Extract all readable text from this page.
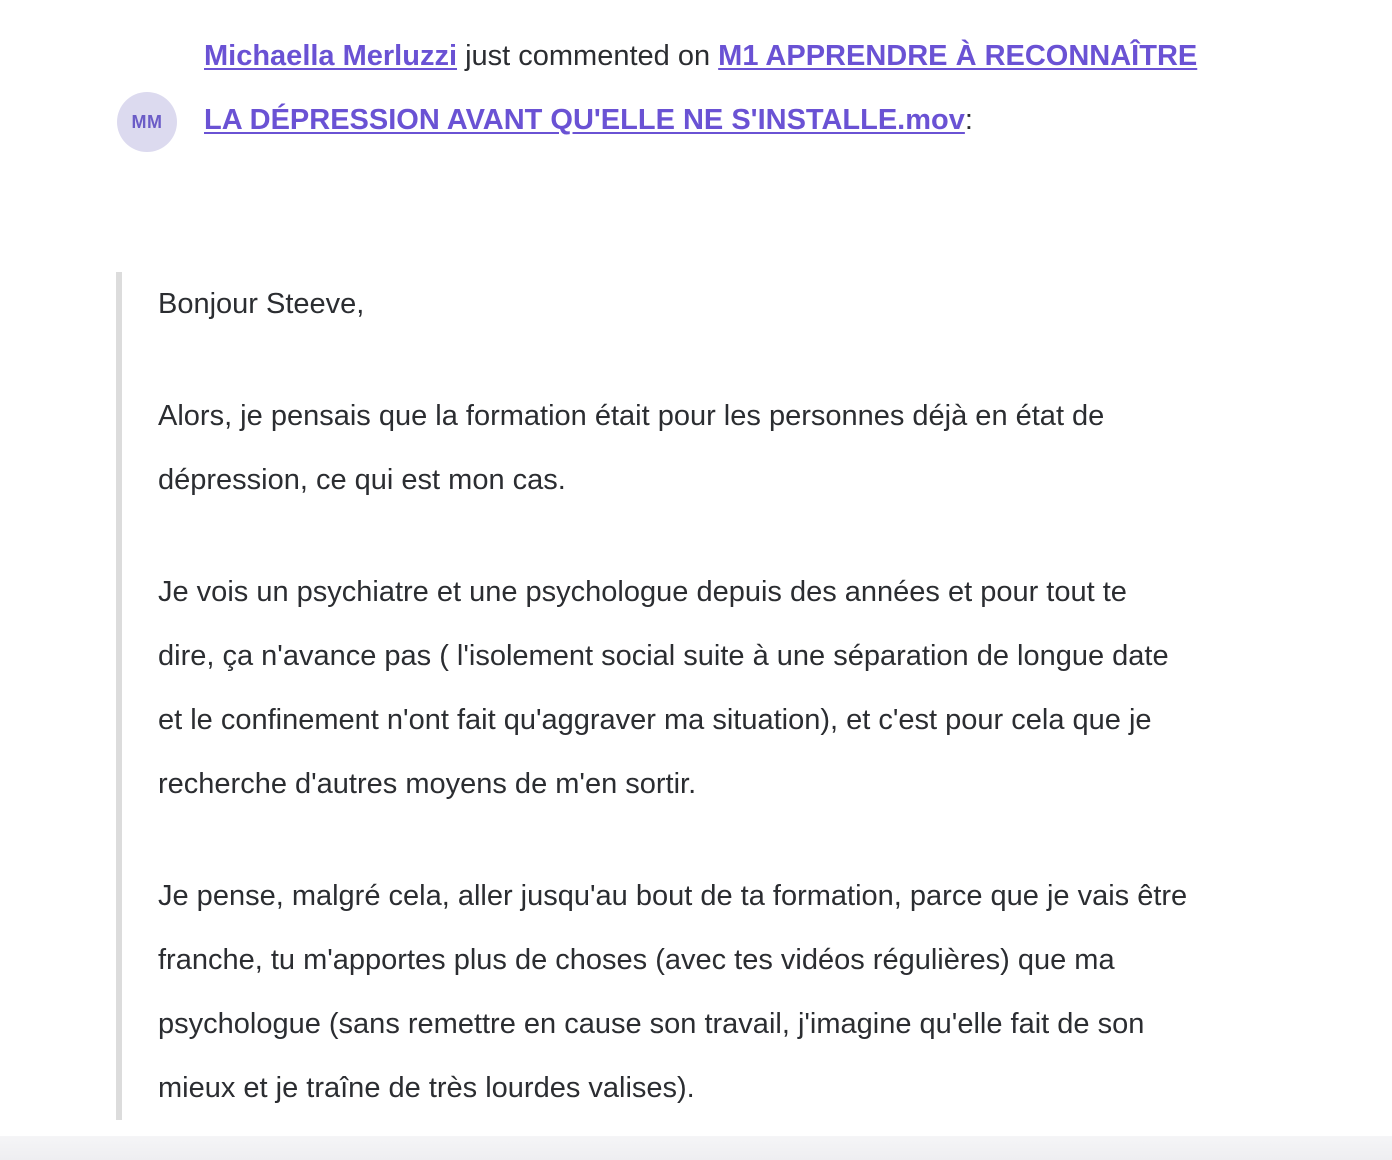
MM
Michaella Merluzzi just commented on M1 APPRENDRE À RECONNAÎTRE LA DÉPRESSION AVANT QU'ELLE NE S'INSTALLE.mov:

Bonjour Steeve,

Alors, je pensais que la formation était pour les personnes déjà en état de dépression, ce qui est mon cas.

Je vois un psychiatre et une psychologue depuis des années et pour tout te dire, ça n'avance pas ( l'isolement social suite à une séparation de longue date et le confinement n'ont fait qu'aggraver ma situation), et c'est pour cela que je recherche d'autres moyens de m'en sortir.

Je pense, malgré cela, aller jusqu'au bout de ta formation, parce que je vais être franche, tu m'apportes plus de choses (avec tes vidéos régulières) que ma psychologue (sans remettre en cause son travail, j'imagine qu'elle fait de son mieux et je traîne de très lourdes valises).
